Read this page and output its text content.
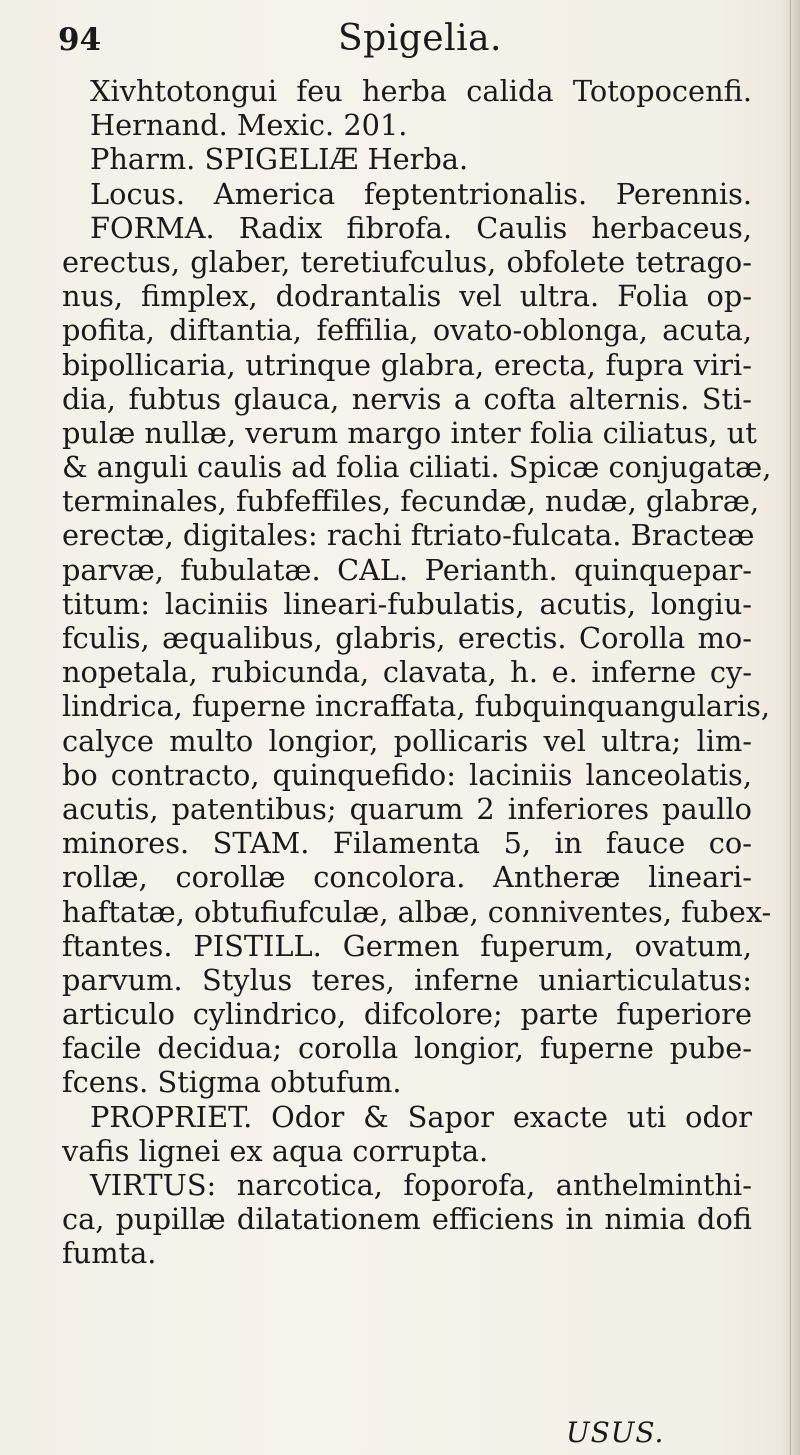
94	Spigelia.
Xivhtotongui feu herba calida Totopocenfi.
Hernand. Mexic. 201.
Pharm. SPIGELIÆ Herba.
Locus. America feptentrionalis. Perennis.
FORMA. Radix fibrofa. Caulis herbaceus,
erectus, glaber, teretiufculus, obfolete tetrago-
nus, fimplex, dodrantalis vel ultra. Folia op-
pofita, diftantia, feffilia, ovato-oblonga, acuta,
bipollicaria, utrinque glabra, erecta, fupra viri-
dia, fubtus glauca, nervis a cofta alternis. Sti-
pulæ nullæ, verum margo inter folia ciliatus, ut
& anguli caulis ad folia ciliati. Spicæ conjugatæ,
terminales, fubfeffiles, fecundæ, nudæ, glabræ,
erectæ, digitales: rachi ftriato-fulcata. Bracteæ
parvæ, fubulatæ. CAL. Perianth. quinquepar-
titum: laciniis lineari-fubulatis, acutis, longiu-
fculis, æqualibus, glabris, erectis. Corolla mo-
nopetala, rubicunda, clavata, h. e. inferne cy-
lindrica, fuperne incraffata, fubquinquangularis,
calyce multo longior, pollicaris vel ultra; lim-
bo contracto, quinquefido: laciniis lanceolatis,
acutis, patentibus; quarum 2 inferiores paullo
minores. STAM. Filamenta 5, in fauce co-
rollæ, corollæ concolora. Antheræ lineari-
haftatæ, obtufiufculæ, albæ, conniventes, fubex-
ftantes. PISTILL. Germen fuperum, ovatum,
parvum. Stylus teres, inferne uniarticulatus:
articulo cylindrico, difcolore; parte fuperiore
facile decidua; corolla longior, fuperne pube-
fcens. Stigma obtufum.
PROPRIET. Odor & Sapor exacte uti odor
vafis lignei ex aqua corrupta.
VIRTUS: narcotica, foporofa, anthelminthi-
ca, pupillæ dilatationem efficiens in nimia dofi
fumta.
USUS.
